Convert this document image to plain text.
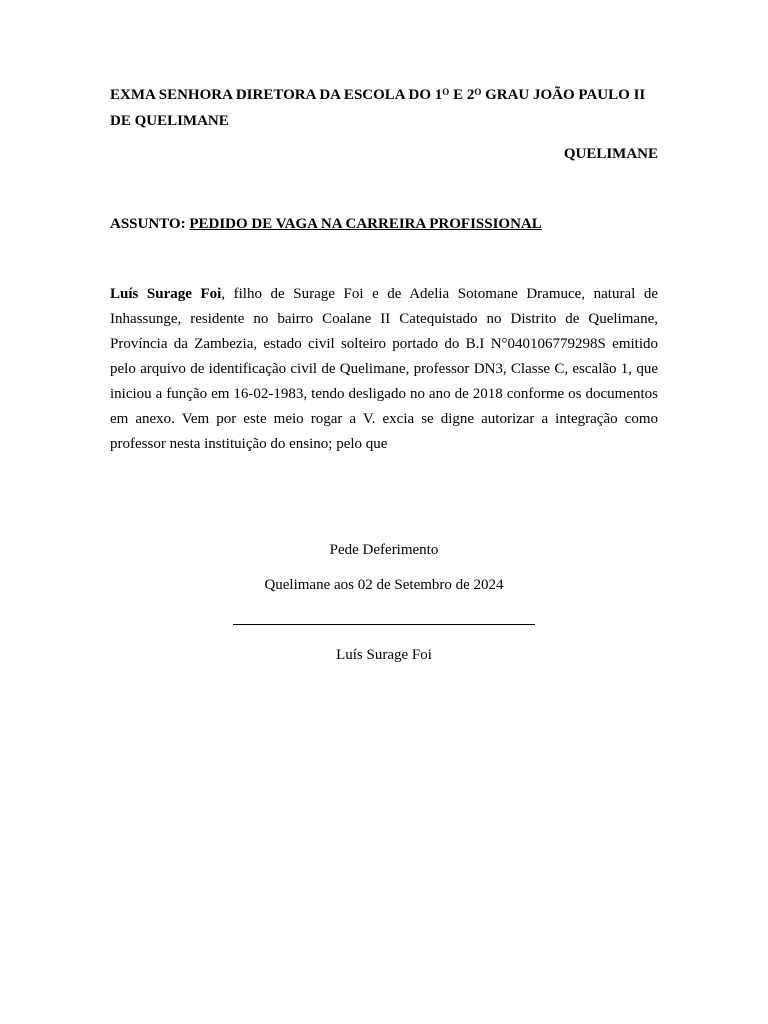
EXMA SENHORA DIRETORA DA ESCOLA DO $1^O$ E $2^O$ GRAU JOÃO PAULO II DE QUELIMANE

QUELIMANE

ASSUNTO: PEDIDO DE VAGA NA CARREIRA PROFISSIONAL

Luís Surage Foi, filho de Surage Foi e de Adelia Sotomane Dramuce, natural de Inhassunge, residente no bairro Coalane II Catequistado no Distrito de Quelimane, Província da Zambezia, estado civil solteiro portado do B.I N°040106779298S emitido pelo arquivo de identificação civil de Quelimane, professor DN3, Classe C, escalão 1, que iniciou a função em 16-02-1983, tendo desligado no ano de 2018 conforme os documentos em anexo. Vem por este meio rogar a V. excia se digne autorizar a integração como professor nesta instituição do ensino; pelo que

Pede Deferimento

Quelimane aos 02 de Setembro de 2024

Luís Surage Foi
